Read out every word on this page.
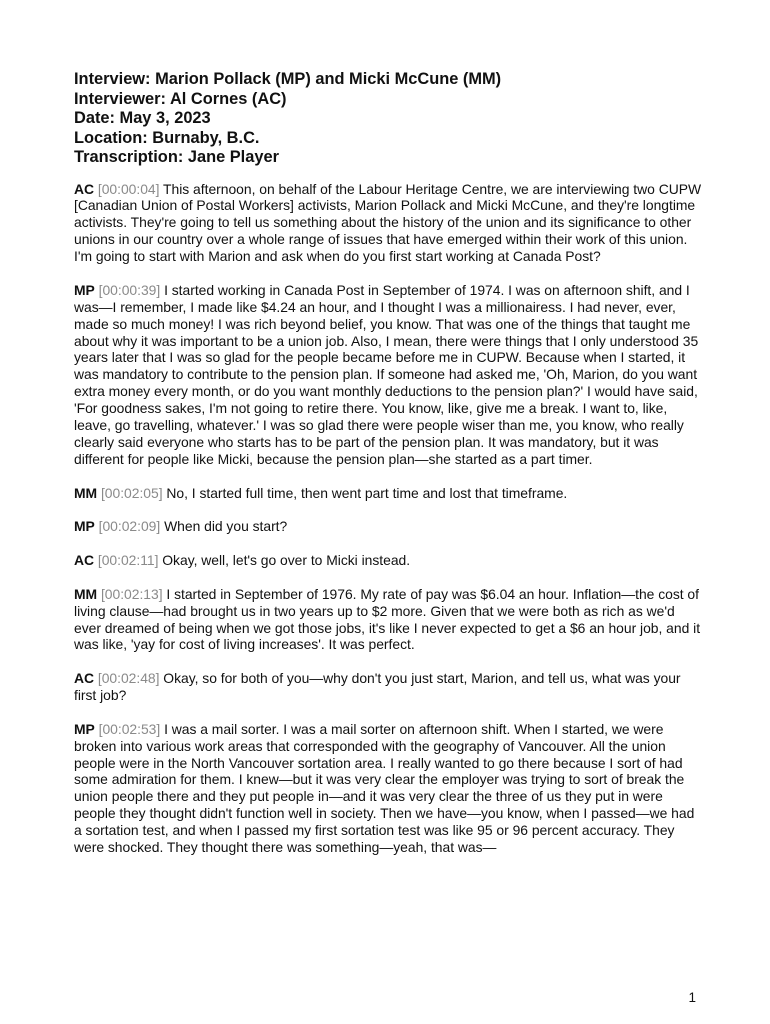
Interview: Marion Pollack (MP) and Micki McCune (MM)

Interviewer: Al Cornes (AC)

Date: May 3, 2023

Location: Burnaby, B.C.

Transcription: Jane Player

AC [00:00:04] This afternoon, on behalf of the Labour Heritage Centre, we are interviewing two CUPW [Canadian Union of Postal Workers] activists, Marion Pollack and Micki McCune, and they're longtime activists. They're going to tell us something about the history of the union and its significance to other unions in our country over a whole range of issues that have emerged within their work of this union. I'm going to start with Marion and ask when do you first start working at Canada Post?

MP [00:00:39] I started working in Canada Post in September of 1974. I was on afternoon shift, and I was—I remember, I made like $4.24 an hour, and I thought I was a millionairess. I had never, ever, made so much money! I was rich beyond belief, you know. That was one of the things that taught me about why it was important to be a union job. Also, I mean, there were things that I only understood 35 years later that I was so glad for the people became before me in CUPW. Because when I started, it was mandatory to contribute to the pension plan. If someone had asked me, 'Oh, Marion, do you want extra money every month, or do you want monthly deductions to the pension plan?' I would have said, 'For goodness sakes, I'm not going to retire there. You know, like, give me a break. I want to, like, leave, go travelling, whatever.' I was so glad there were people wiser than me, you know, who really clearly said everyone who starts has to be part of the pension plan. It was mandatory, but it was different for people like Micki, because the pension plan—she started as a part timer.

MM [00:02:05] No, I started full time, then went part time and lost that timeframe.

MP [00:02:09] When did you start?

AC [00:02:11] Okay, well, let's go over to Micki instead.

MM [00:02:13] I started in September of 1976. My rate of pay was $6.04 an hour. Inflation—the cost of living clause—had brought us in two years up to $2 more. Given that we were both as rich as we'd ever dreamed of being when we got those jobs, it's like I never expected to get a $6 an hour job, and it was like, 'yay for cost of living increases'. It was perfect.

AC [00:02:48] Okay, so for both of you—why don't you just start, Marion, and tell us, what was your first job?

MP [00:02:53] I was a mail sorter. I was a mail sorter on afternoon shift. When I started, we were broken into various work areas that corresponded with the geography of Vancouver. All the union people were in the North Vancouver sortation area. I really wanted to go there because I sort of had some admiration for them. I knew—but it was very clear the employer was trying to sort of break the union people there and they put people in—and it was very clear the three of us they put in were people they thought didn't function well in society. Then we have—you know, when I passed—we had a sortation test, and when I passed my first sortation test was like 95 or 96 percent accuracy. They were shocked. They thought there was something—yeah, that was—

1
